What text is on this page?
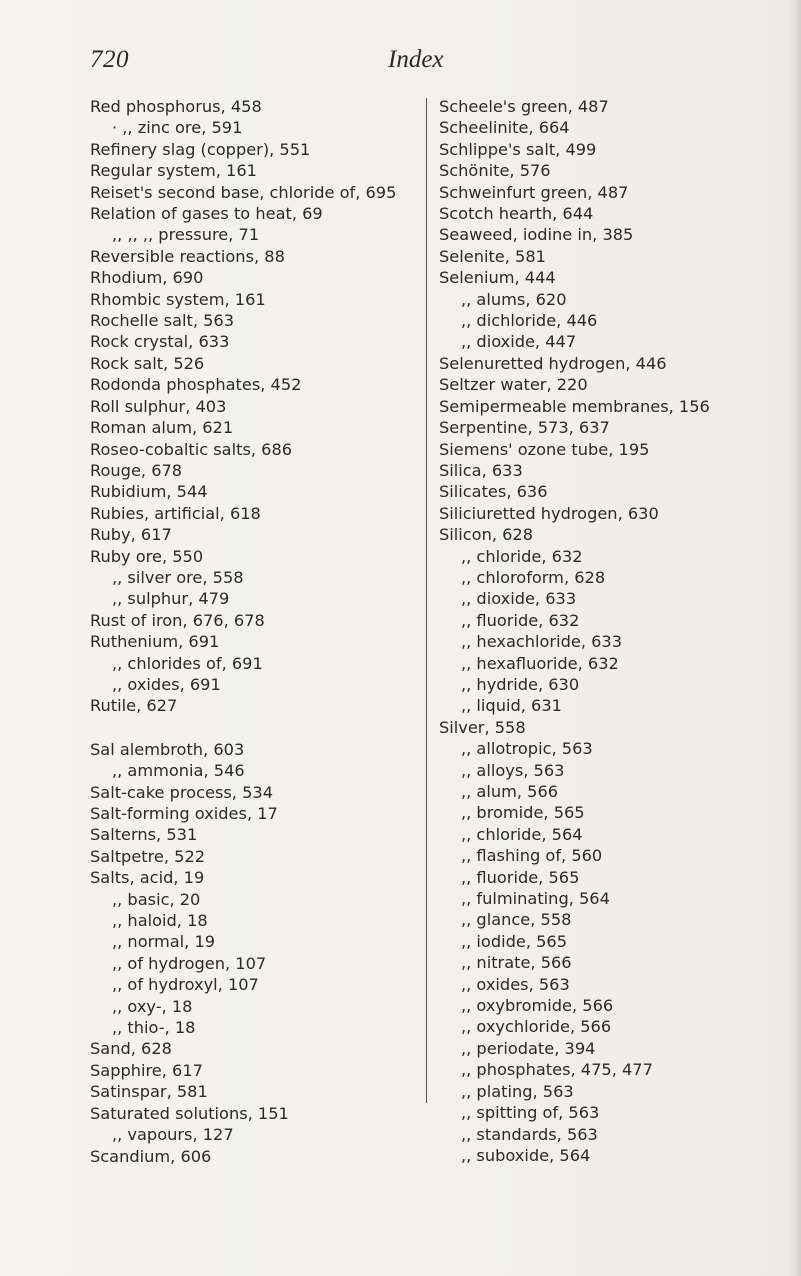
720	Index
Red phosphorus, 458
· ,, zinc ore, 591
Refinery slag (copper), 551
Regular system, 161
Reiset's second base, chloride of, 695
Relation of gases to heat, 69
,, ,, ,, pressure, 71
Reversible reactions, 88
Rhodium, 690
Rhombic system, 161
Rochelle salt, 563
Rock crystal, 633
Rock salt, 526
Rodonda phosphates, 452
Roll sulphur, 403
Roman alum, 621
Roseo-cobaltic salts, 686
Rouge, 678
Rubidium, 544
Rubies, artificial, 618
Ruby, 617
Ruby ore, 550
,, silver ore, 558
,, sulphur, 479
Rust of iron, 676, 678
Ruthenium, 691
,, chlorides of, 691
,, oxides, 691
Rutile, 627
Sal alembroth, 603
,, ammonia, 546
Salt-cake process, 534
Salt-forming oxides, 17
Salterns, 531
Saltpetre, 522
Salts, acid, 19
,, basic, 20
,, haloid, 18
,, normal, 19
,, of hydrogen, 107
,, of hydroxyl, 107
,, oxy-, 18
,, thio-, 18
Sand, 628
Sapphire, 617
Satinspar, 581
Saturated solutions, 151
,, vapours, 127
Scandium, 606
Scheele's green, 487
Scheelinite, 664
Schlippe's salt, 499
Schönite, 576
Schweinfurt green, 487
Scotch hearth, 644
Seaweed, iodine in, 385
Selenite, 581
Selenium, 444
,, alums, 620
,, dichloride, 446
,, dioxide, 447
Selenuretted hydrogen, 446
Seltzer water, 220
Semipermeable membranes, 156
Serpentine, 573, 637
Siemens' ozone tube, 195
Silica, 633
Silicates, 636
Siliciuretted hydrogen, 630
Silicon, 628
,, chloride, 632
,, chloroform, 628
,, dioxide, 633
,, fluoride, 632
,, hexachloride, 633
,, hexafluoride, 632
,, hydride, 630
,, liquid, 631
Silver, 558
,, allotropic, 563
,, alloys, 563
,, alum, 566
,, bromide, 565
,, chloride, 564
,, flashing of, 560
,, fluoride, 565
,, fulminating, 564
,, glance, 558
,, iodide, 565
,, nitrate, 566
,, oxides, 563
,, oxybromide, 566
,, oxychloride, 566
,, periodate, 394
,, phosphates, 475, 477
,, plating, 563
,, spitting of, 563
,, standards, 563
,, suboxide, 564
